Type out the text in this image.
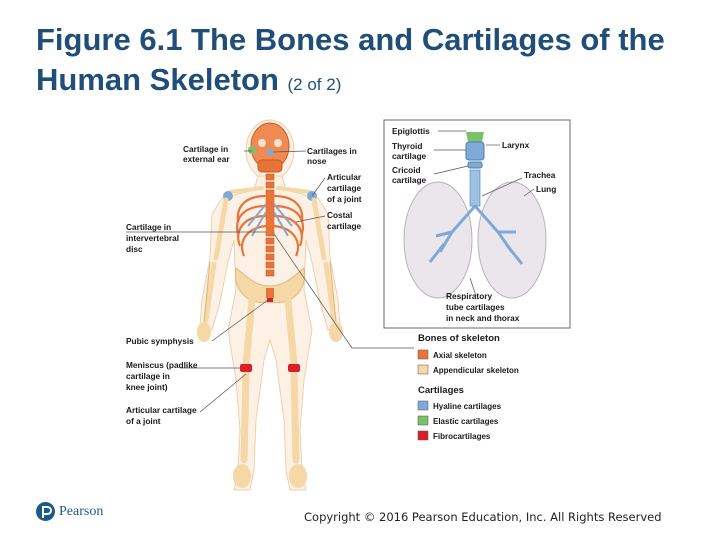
Figure 6.1 The Bones and Cartilages of the Human Skeleton (2 of 2)
Cartilage in external ear
Cartilage in intervertebral disc
Pubic symphysis
Meniscus (padlike cartilage in knee joint)
Articular cartilage of a joint
Cartilages in nose
Articular cartilage of a joint
Costal cartilage
Epiglottis
Thyroid cartilage
Cricoid cartilage
Larynx
Trachea
Lung
Respiratory tube cartilages in neck and thorax
Bones of skeleton
Axial skeleton
Appendicular skeleton
Cartilages
Hyaline cartilages
Elastic cartilages
Fibrocartilages
Pearson	Copyright © 2016 Pearson Education, Inc. All Rights Reserved
